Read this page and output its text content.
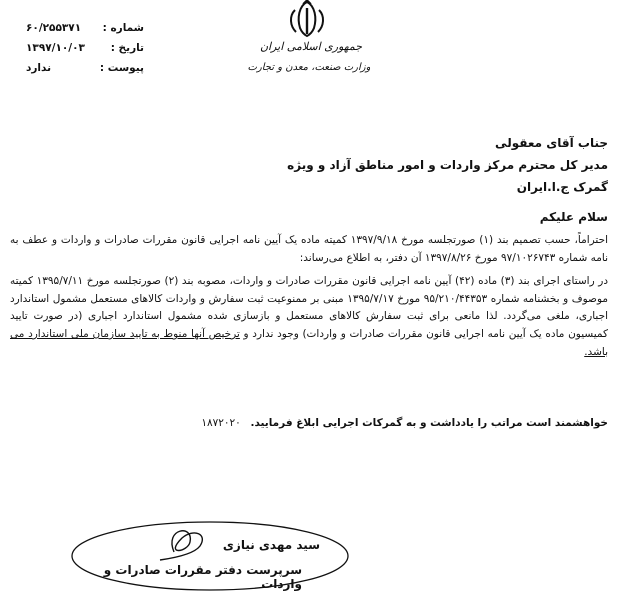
جمهوری اسلامی ایران
وزارت صنعت، معدن و تجارت
شماره :
۶۰/۲۵۵۳۷۱
تاریخ :
۱۳۹۷/۱۰/۰۳
پیوست :
ندارد
جناب آقای معقولی
مدیر کل محترم مرکز واردات و امور مناطق آزاد و ویژه
گمرک ج.ا.ایران
سلام علیکم

احتراماً، حسب تصمیم بند (۱) صورتجلسه مورخ ۱۳۹۷/۹/۱۸ کمیته ماده یک آیین نامه اجرایی قانون مقررات صادرات و واردات و عطف به نامه شماره ۹۷/۱۰۲۶۷۴۳ مورخ ۱۳۹۷/۸/۲۶ آن دفتر، به اطلاع می‌رساند:

در راستای اجرای بند (۳) ماده (۴۲) آیین نامه اجرایی قانون مقررات صادرات و واردات، مصوبه بند (۲) صورتجلسه مورخ ۱۳۹۵/۷/۱۱ کمیته موصوف و بخشنامه شماره ۹۵/۲۱۰/۴۴۳۵۳ مورخ ۱۳۹۵/۷/۱۷ مبنی بر ممنوعیت ثبت سفارش و واردات کالاهای مستعمل مشمول استاندارد اجباری، ملغی می‌گردد. لذا مانعی برای ثبت سفارش کالاهای مستعمل و بازسازی شده مشمول استاندارد اجباری (در صورت تایید کمیسیون ماده یک آیین نامه اجرایی قانون مقررات صادرات و واردات) وجود ندارد و ترخیص آنها منوط به تایید سازمان ملی استاندارد می باشد.

خواهشمند است مراتب را یادداشت و به گمرکات اجرایی ابلاغ فرمایید. ۱۸۷۲۰۲۰
سید مهدی نیازی
سرپرست دفتر مقررات صادرات و واردات
